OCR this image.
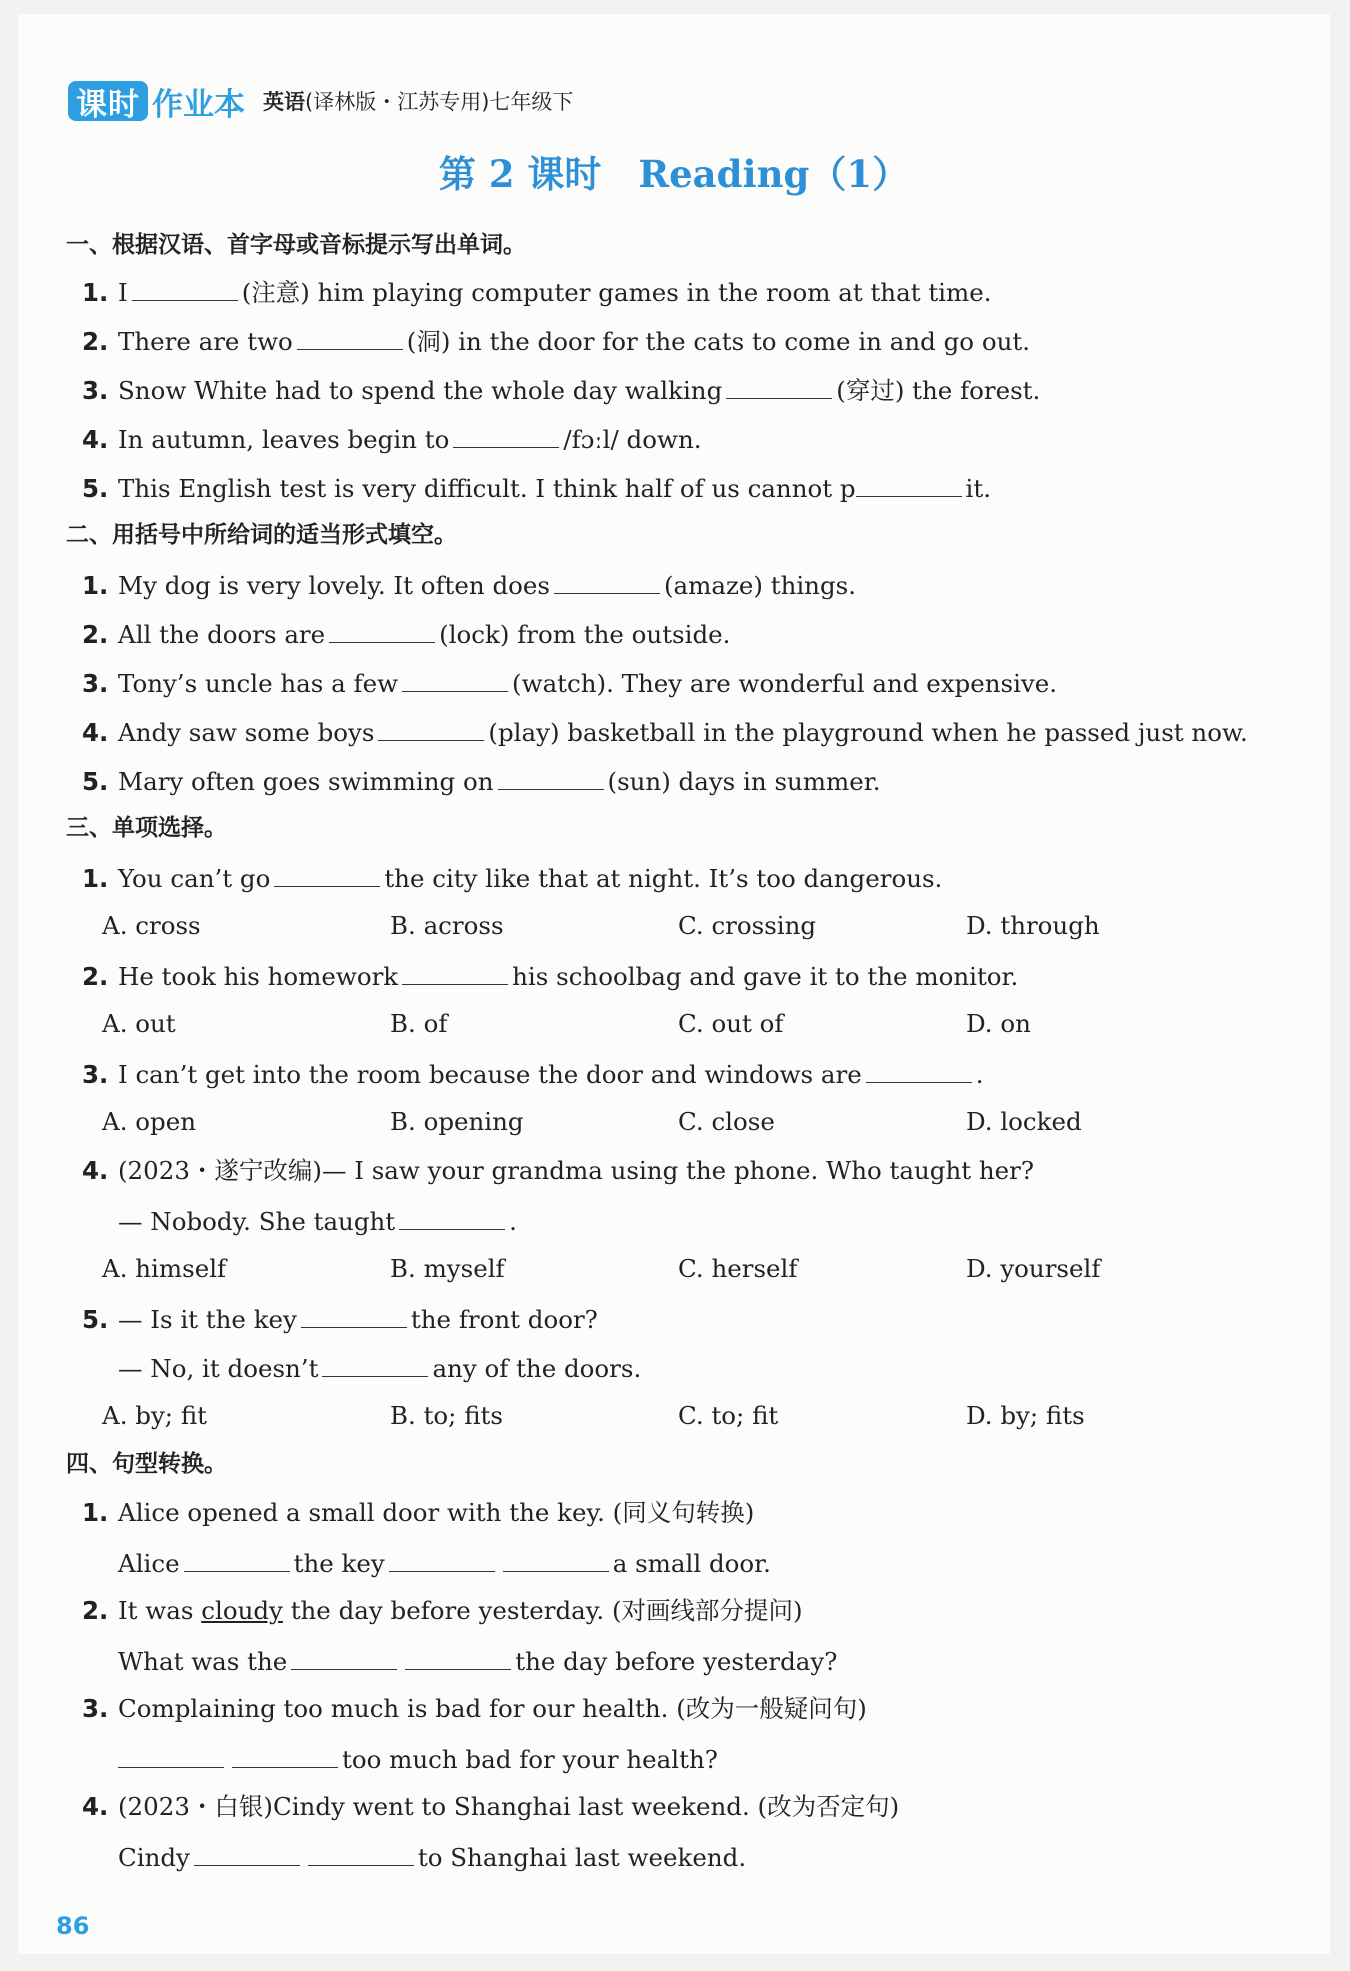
课时 作业本 英语(译林版・江苏专用)七年级下
第 2 课时　Reading（1）
一、根据汉语、首字母或音标提示写出单词。
1. I	(注意) him playing computer games in the room at that time.
2. There are two	(洞) in the door for the cats to come in and go out.
3. Snow White had to spend the whole day walking	(穿过) the forest.
4. In autumn, leaves begin to	/fɔːl/ down.
5. This English test is very difficult. I think half of us cannot p	it.
二、用括号中所给词的适当形式填空。
1. My dog is very lovely. It often does	(amaze) things.
2. All the doors are	(lock) from the outside.
3. Tony’s uncle has a few	(watch). They are wonderful and expensive.
4. Andy saw some boys	(play) basketball in the playground when he passed just now.
5. Mary often goes swimming on	(sun) days in summer.
三、单项选择。
1. You can’t go	the city like that at night. It’s too dangerous.
A. cross	B. across	C. crossing	D. through
2. He took his homework	his schoolbag and gave it to the monitor.
A. out	B. of	C. out of	D. on
3. I can’t get into the room because the door and windows are	.
A. open	B. opening	C. close	D. locked
4. (2023・遂宁改编)— I saw your grandma using the phone. Who taught her?
— Nobody. She taught	.
A. himself	B. myself	C. herself	D. yourself
5. — Is it the key	the front door?
— No, it doesn’t	any of the doors.
A. by; fit	B. to; fits	C. to; fit	D. by; fits
四、句型转换。
1. Alice opened a small door with the key. (同义句转换)
Alice	the key	a small door.
2. It was cloudy the day before yesterday. (对画线部分提问)
What was the	the day before yesterday?
3. Complaining too much is bad for our health. (改为一般疑问句)
too much bad for your health?
4. (2023・白银)Cindy went to Shanghai last weekend. (改为否定句)
Cindy	to Shanghai last weekend.
86
